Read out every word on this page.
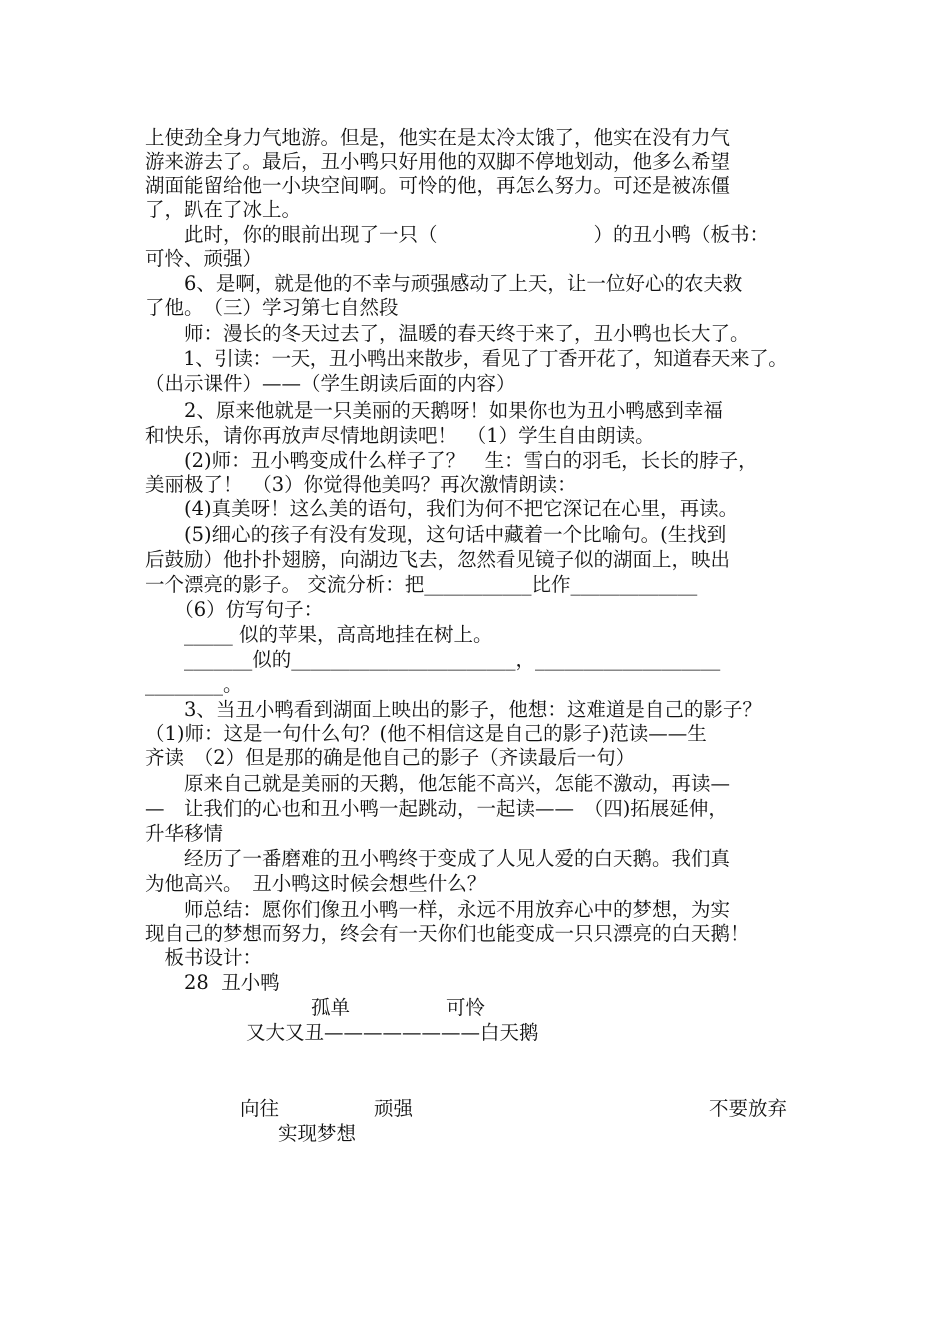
上使劲全身力气地游。但是，他实在是太冷太饿了，他实在没有力气
游来游去了。最后，丑小鸭只好用他的双脚不停地划动，他多么希望
湖面能留给他一小块空间啊。可怜的他，再怎么努力。可还是被冻僵
了，趴在了冰上。
　　此时，你的眼前出现了一只（　　　　　　　　）的丑小鸭（板书：
可怜、顽强）
　　6、是啊，就是他的不幸与顽强感动了上天，让一位好心的农夫救
了他。　（三）学习第七自然段
　　师：漫长的冬天过去了，温暖的春天终于来了，丑小鸭也长大了。
　　1、引读：一天，丑小鸭出来散步，看见了丁香开花了，知道春天来了。
（出示课件）——（学生朗读后面的内容）
　　2、原来他就是一只美丽的天鹅呀！如果你也为丑小鸭感到幸福
和快乐，请你再放声尽情地朗读吧！　（1）学生自由朗读。
　　(2)师：丑小鸭变成什么样子了？　生：雪白的羽毛，长长的脖子，
美丽极了！　（3）你觉得他美吗？再次激情朗读：
　　(4)真美呀！这么美的语句，我们为何不把它深记在心里，再读。
　　(5)细心的孩子有没有发现，这句话中藏着一个比喻句。(生找到
后鼓励）他扑扑翅膀，向湖边飞去，忽然看见镜子似的湖面上，映出
一个漂亮的影子。 交流分析：把___________比作_____________
　　（6）仿写句子：
　　_____ 似的苹果，高高地挂在树上。
　　_______似的_______________________，___________________
________。
　　3、当丑小鸭看到湖面上映出的影子，他想：这难道是自己的影子？
（1)师：这是一句什么句？(他不相信这是自己的影子)范读——生
齐读　（2）但是那的确是他自己的影子（齐读最后一句）
　　原来自己就是美丽的天鹅，他怎能不高兴，怎能不激动，再读—
—　让我们的心也和丑小鸭一起跳动，一起读——　（四)拓展延伸，
升华移情
　　经历了一番磨难的丑小鸭终于变成了人见人爱的白天鹅。我们真
为他高兴。　丑小鸭这时候会想些什么？
　　师总结：愿你们像丑小鸭一样，永远不用放弃心中的梦想，为实
现自己的梦想而努力，终会有一天你们也能变成一只只漂亮的白天鹅！
　板书设计：
　　28  丑小鸭
孤单	可怜
又大又丑————————白天鹅
向往	顽强	不要放弃
实现梦想
